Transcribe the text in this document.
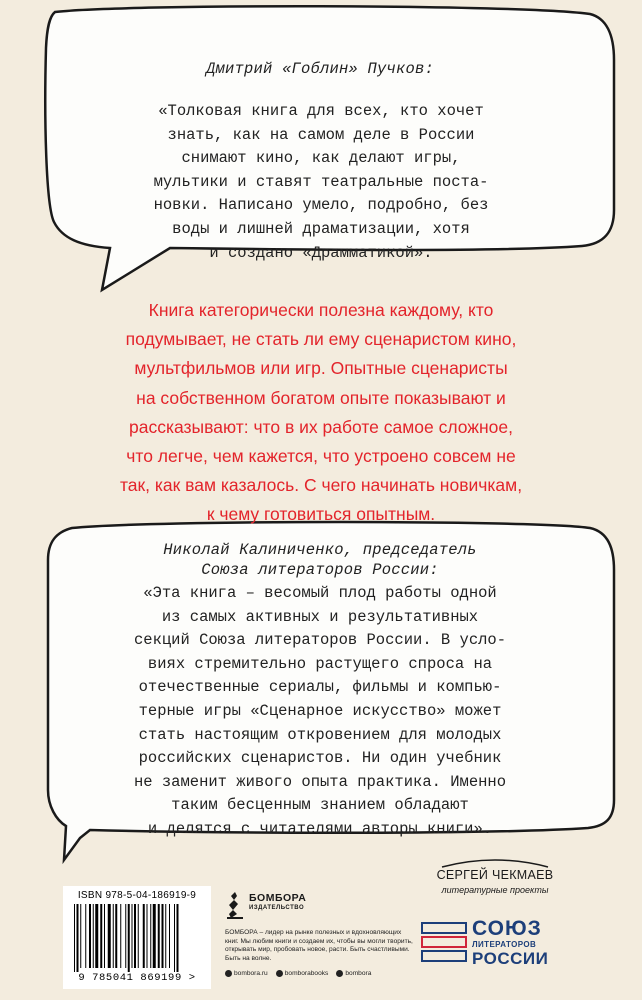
Дмитрий «Гоблин» Пучков:
«Толковая книга для всех, кто хочет
знать, как на самом деле в России
снимают кино, как делают игры,
мультики и ставят театральные поста-
новки. Написано умело, подробно, без
воды и лишней драматизации, хотя
и создано «Драмматикой».
Книга категорически полезна каждому, кто
подумывает, не стать ли ему сценаристом кино,
мультфильмов или игр. Опытные сценаристы
на собственном богатом опыте показывают и
рассказывают: что в их работе самое сложное,
что легче, чем кажется, что устроено совсем не
так, как вам казалось. С чего начинать новичкам,
к чему готовиться опытным.
Николай Калиниченко, председатель
Союза литераторов России:
«Эта книга – весомый плод работы одной
из самых активных и результативных
секций Союза литераторов России. В усло-
виях стремительно растущего спроса на
отечественные сериалы, фильмы и компью-
терные игры «Сценарное искусство» может
стать настоящим откровением для молодых
российских сценаристов. Ни один учебник
не заменит живого опыта практика. Именно
таким бесценным знанием обладают
и делятся с читателями авторы книги».
ISBN 978-5-04-186919-9
9 785041 869199 >
БОМБОРА
ИЗДАТЕЛЬСТВО
БОМБОРА – лидер на рынке полезных и вдохновляющих книг. Мы любим книги и создаем их, чтобы вы могли творить, открывать мир, пробовать новое, расти. Быть счастливыми. Быть на волне.
bombora.ru	bomborabooks	bombora
СЕРГЕЙ ЧЕКМАЕВ
литературные проекты
СОЮЗ
ЛИТЕРАТОРОВ
РОССИИ
